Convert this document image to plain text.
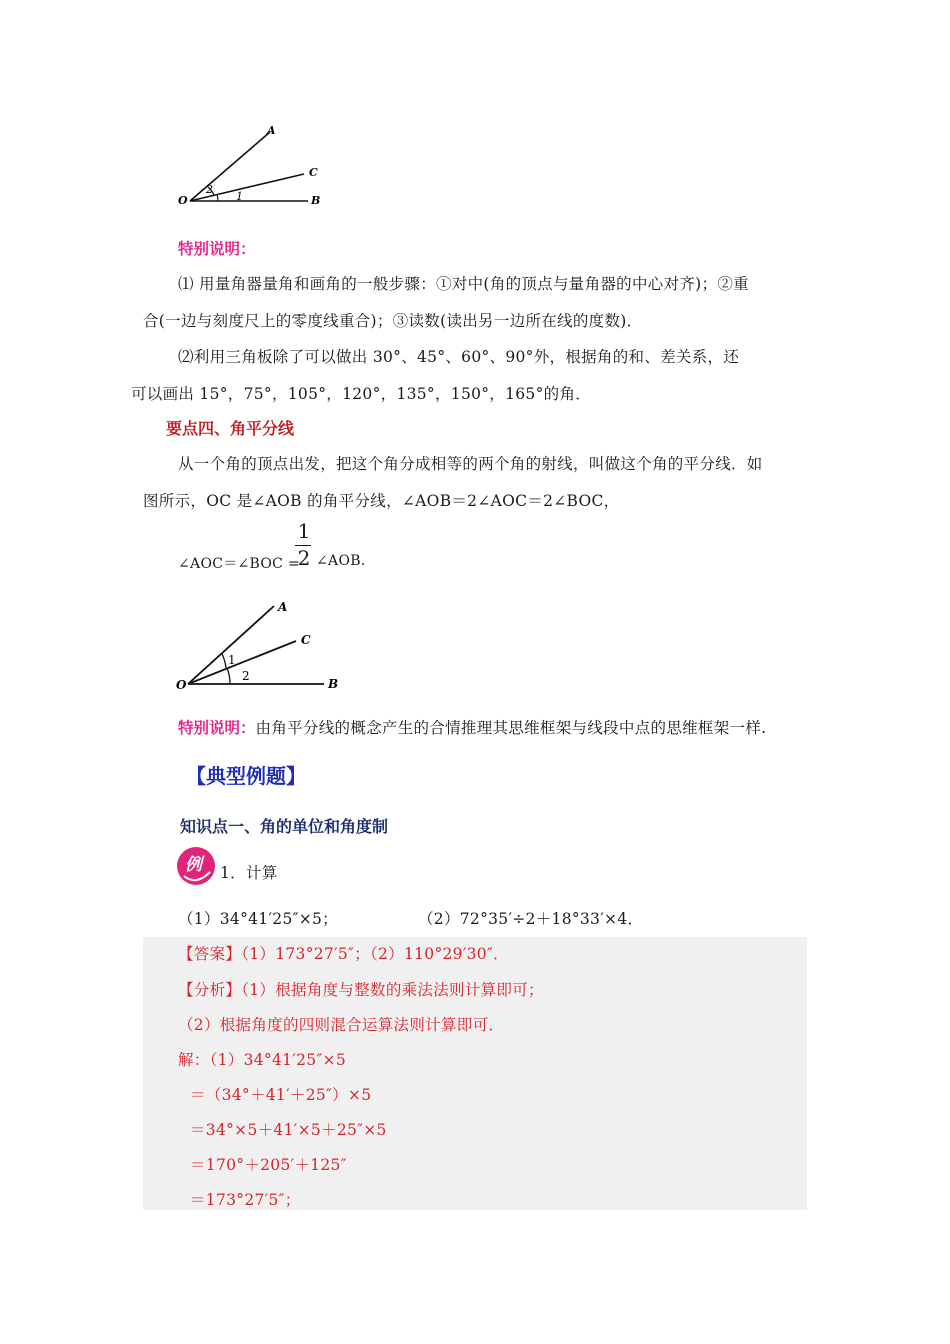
A
C
O	B
1
2
特别说明：
⑴ 用量角器量角和画角的一般步骤：①对中(角的顶点与量角器的中心对齐)；②重
合(一边与刻度尺上的零度线重合)；③读数(读出另一边所在线的度数)．
⑵利用三角板除了可以做出 30°、45°、60°、90°外，根据角的和、差关系，还
可以画出 15°，75°，105°，120°，135°，150°，165°的角．
要点四、角平分线
从一个角的顶点出发，把这个角分成相等的两个角的射线，叫做这个角的平分线．如
图所示，OC 是∠AOB 的角平分线，∠AOB＝2∠AOC＝2∠BOC，
∠AOC＝∠BOC =
1
2 ∠AOB.
A
C
O	B
1
2
特别说明：由角平分线的概念产生的合情推理其思维框架与线段中点的思维框架一样.
【典型例题】
知识点一、角的单位和角度制
例 1．计算
（1）34°41′25″×5；	（2）72°35′÷2＋18°33′×4．
【答案】（1）173°27′5″；（2）110°29′30″．
【分析】（1）根据角度与整数的乘法法则计算即可；
（2）根据角度的四则混合运算法则计算即可．
解：（1）34°41′25″×5
＝（34°＋41′＋25″）×5
＝34°×5＋41′×5＋25″×5
＝170°＋205′＋125″
＝173°27′5″；
